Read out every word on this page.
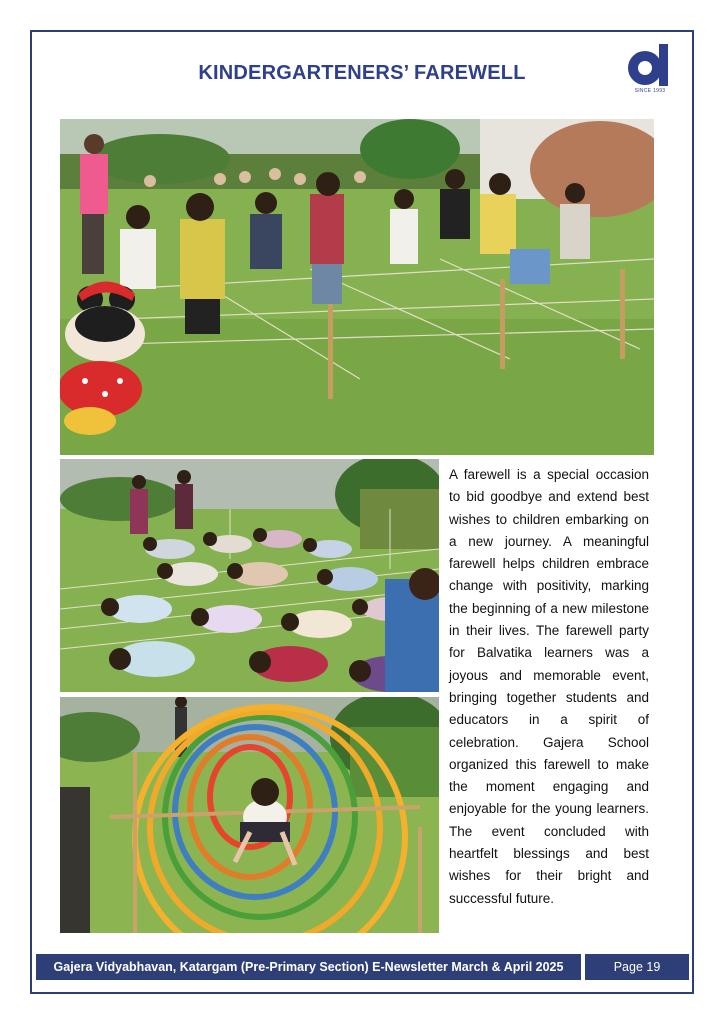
KINDERGARTENERS’ FAREWELL
SINCE 1993

A farewell is a special occasion to bid goodbye and extend best wishes to children embarking on a new journey. A meaningful farewell helps children embrace change with positivity, marking the beginning of a new milestone in their lives. The farewell party for Balvatika learners was a joyous and memorable event, bringing together students and educators in a spirit of celebration. Gajera School organized this farewell to make the moment engaging and enjoyable for the young learners. The event concluded with heartfelt blessings and best wishes for their bright and successful future.

Gajera Vidyabhavan, Katargam (Pre-Primary Section) E-Newsletter March & April 2025	Page 19
